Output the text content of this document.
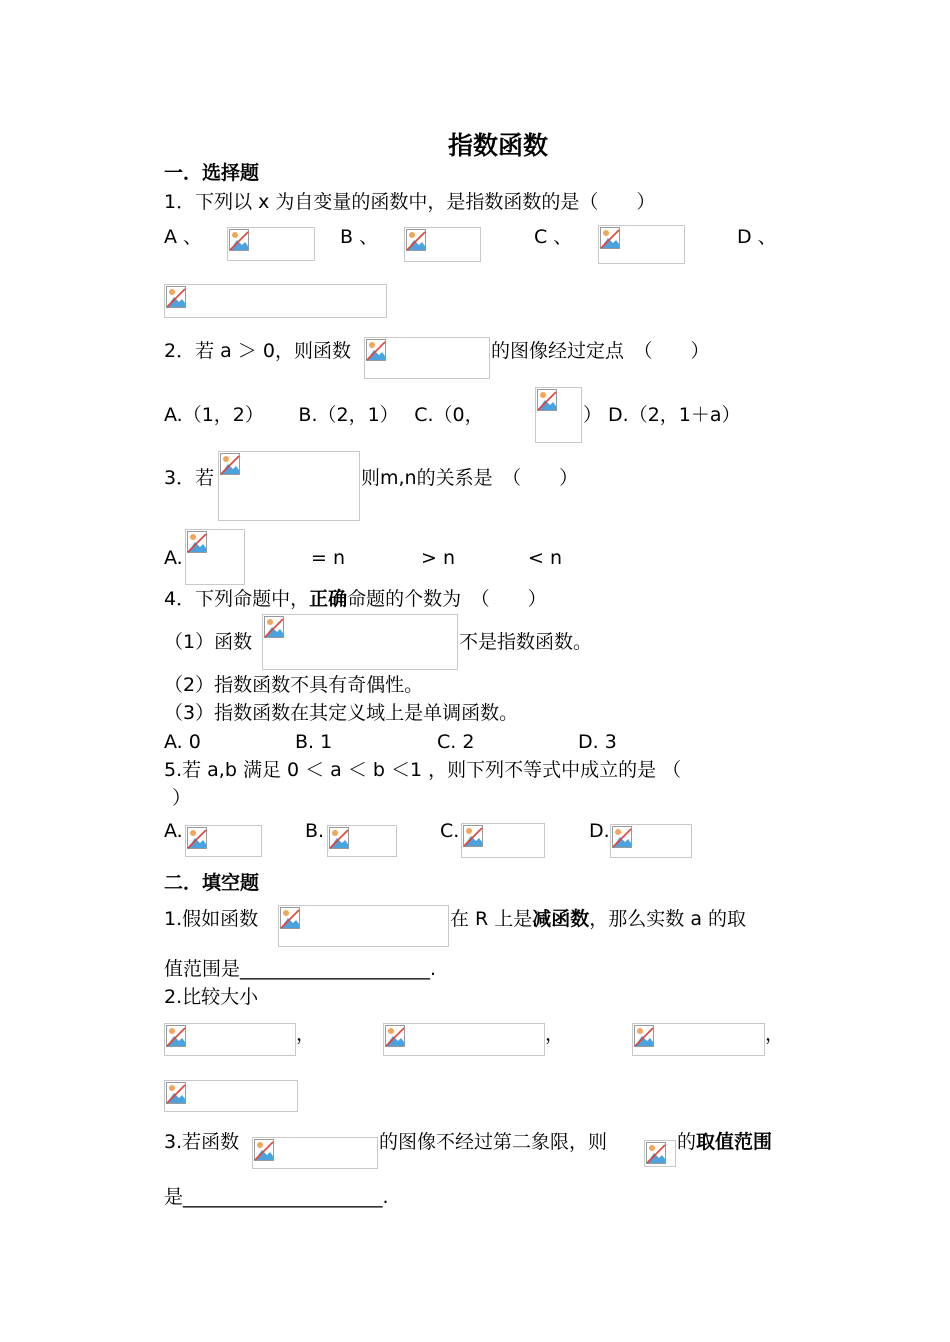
指数函数
一．选择题
1．下列以 x 为自变量的函数中，是指数函数的是（　　）
A 、	B 、	C 、	D 、
2．若 a ＞ 0，则函数	的图像经过定点　（　　）
A.（1，2）　　 B.（2，1）　 C.（0，	） D.（2，1＋a）
3．若	则m,n的关系是　（　　）
A.	= n	> n	< n
4．下列命题中，正确命题的个数为　（　　）
（1）函数	不是指数函数。
（2）指数函数不具有奇偶性。
（3）指数函数在其定义域上是单调函数。
A. 0	B. 1	C. 2	D. 3
5.若 a,b 满足 0 ＜ a ＜ b ＜1 ，则下列不等式中成立的是 （
）
A.	B.	C.	D.
二．填空题
1.假如函数	在 R 上是减函数，那么实数 a 的取
值范围是____________________.
2.比较大小
，	，	，
3.若函数	的图像不经过第二象限，则	的取值范围
是_____________________.
